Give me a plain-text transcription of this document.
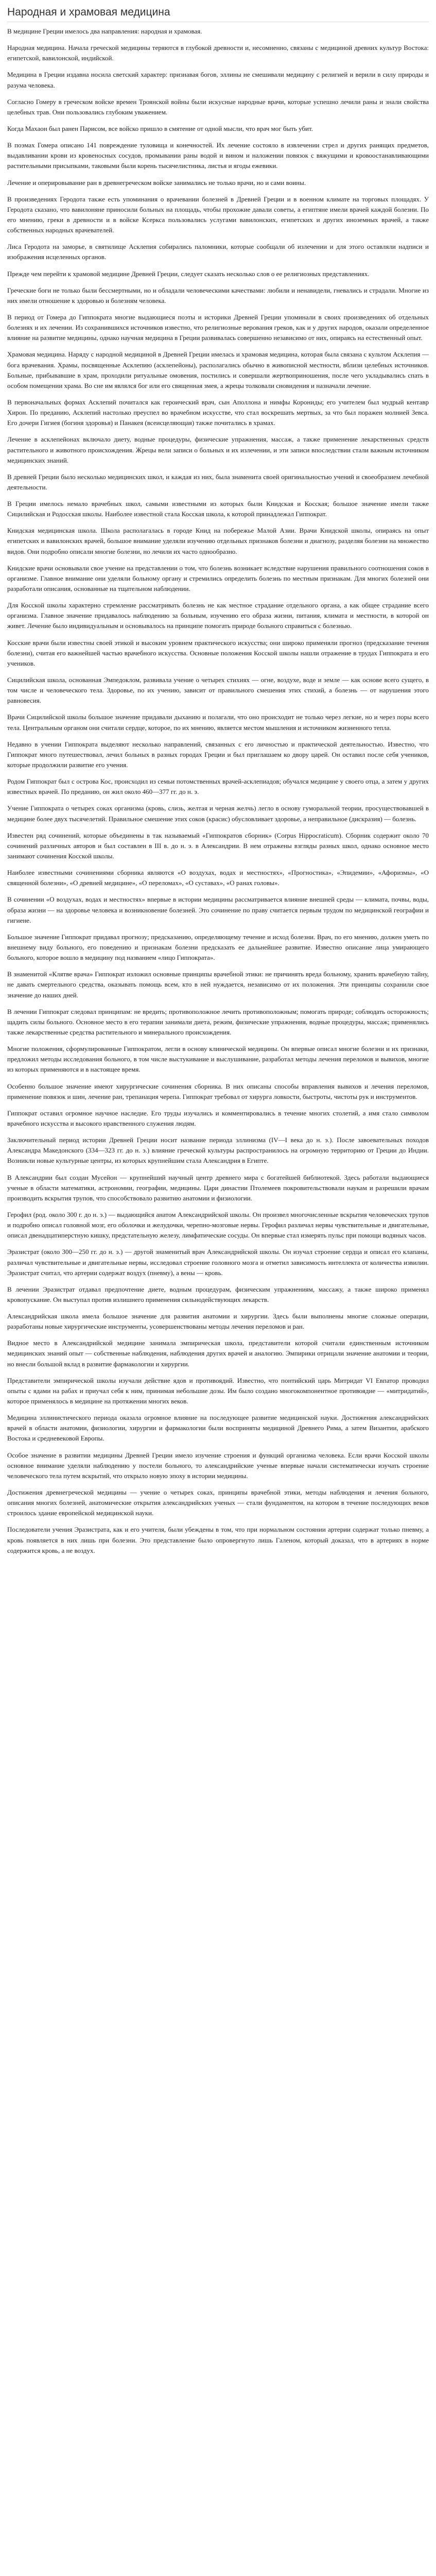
Народная и храмовая медицина

В медицине Греции имелось два направления: народная и храмовая.

Народная медицина. Начала греческой медицины теряются в глубокой древности и, несомненно, связаны с медициной древних культур Востока: египетской, вавилонской, индийской.

Медицина в Греции издавна носила светский характер: признавая богов, эллины не смешивали медицину с религией и верили в силу природы и разума человека.

Согласно Гомеру в греческом войске времен Троянской войны были искусные народные врачи, которые успешно лечили раны и знали свойства целебных трав. Они пользовались глубоким уважением.

Когда Махаон был ранен Парисом, все войско пришло в смятение от одной мысли, что врач мог быть убит.

В поэмах Гомера описано 141 повреждение туловища и конечностей. Их лечение состояло в извлечении стрел и других ранящих предметов, выдавливании крови из кровеносных сосудов, промывании раны водой и вином и наложении повязок с вяжущими и кровоостанавливающими растительными присыпками, таковыми были корень тысячелистника, листья и ягоды ежевики.

Лечение и оперировывание ран в древнегреческом войске занимались не только врачи, но и сами воины.

В произведениях Геродота также есть упоминания о врачевании болезней в Древней Греции и в военном климате на торговых площадях. У Геродота сказано, что вавилоняне приносили больных на площадь, чтобы прохожие давали советы, а египтяне имели врачей каждой болезни. По его мнению, греки в древности и в войске Ксеркса пользовались услугами вавилонских, египетских и других иноземных врачей, а также собственных народных врачевателей.

Лиса Геродота на заморье, в святилище Асклепия собирались паломники, которые сообщали об излечении и для этого оставляли надписи и изображения исцеленных органов.

Прежде чем перейти к храмовой медицине Древней Греции, следует сказать несколько слов о ее религиозных представлениях.

Греческие боги не только были бессмертными, но и обладали человеческими качествами: любили и ненавидели, гневались и страдали. Многие из них имели отношение к здоровью и болезням человека.

В период от Гомера до Гиппократа многие выдающиеся поэты и историки Древней Греции упоминали в своих произведениях об отдельных болезнях и их лечении. Из сохранившихся источников известно, что религиозные верования греков, как и у других народов, оказали определенное влияние на развитие медицины, однако научная медицина в Греции развивалась совершенно независимо от них, опираясь на естественный опыт.

Храмовая медицина. Наряду с народной медициной в Древней Греции имелась и храмовая медицина, которая была связана с культом Асклепия — бога врачевания. Храмы, посвященные Асклепию (асклепейоны), располагались обычно в живописной местности, вблизи целебных источников. Больные, прибывавшие в храм, проходили ритуальные омовения, постились и совершали жертвоприношения, после чего укладывались спать в особом помещении храма. Во сне им являлся бог или его священная змея, а жрецы толковали сновидения и назначали лечение.

В первоначальных формах Асклепий почитался как героический врач, сын Аполлона и нимфы Корониды; его учителем был мудрый кентавр Хирон. По преданию, Асклепий настолько преуспел во врачебном искусстве, что стал воскрешать мертвых, за что был поражен молнией Зевса. Его дочери Гигиея (богиня здоровья) и Панакея (всеисцеляющая) также почитались в храмах.

Лечение в асклепейонах включало диету, водные процедуры, физические упражнения, массаж, а также применение лекарственных средств растительного и животного происхождения. Жрецы вели записи о больных и их излечении, и эти записи впоследствии стали важным источником медицинских знаний.

В древней Греции было несколько медицинских школ, и каждая из них, была знаменита своей оригинальностью учений и своеобразием лечебной деятельности.

В Греции имелось немало врачебных школ, самыми известными из которых были Книдская и Косская; большое значение имели также Сицилийская и Родосская школы. Наиболее известной стала Косская школа, к которой принадлежал Гиппократ.

Книдская медицинская школа. Школа располагалась в городе Книд на побережье Малой Азии. Врачи Книдской школы, опираясь на опыт египетских и вавилонских врачей, большое внимание уделяли изучению отдельных признаков болезни и диагнозу, разделяя болезни на множество видов. Они подробно описали многие болезни, но лечили их часто однообразно.

Книдские врачи основывали свое учение на представлении о том, что болезнь возникает вследствие нарушения правильного соотношения соков в организме. Главное внимание они уделяли больному органу и стремились определить болезнь по местным признакам. Для многих болезней они разработали описания, основанные на тщательном наблюдении.

Для Косской школы характерно стремление рассматривать болезнь не как местное страдание отдельного органа, а как общее страдание всего организма. Главное значение придавалось наблюдению за больным, изучению его образа жизни, питания, климата и местности, в которой он живет. Лечение было индивидуальным и основывалось на принципе помогать природе больного справиться с болезнью.

Косские врачи были известны своей этикой и высоким уровнем практического искусства; они широко применяли прогноз (предсказание течения болезни), считая его важнейшей частью врачебного искусства. Основные положения Косской школы нашли отражение в трудах Гиппократа и его учеников.

Сицилийская школа, основанная Эмпедоклом, развивала учение о четырех стихиях — огне, воздухе, воде и земле — как основе всего сущего, в том числе и человеческого тела. Здоровье, по их учению, зависит от правильного смешения этих стихий, а болезнь — от нарушения этого равновесия.

Врачи Сицилийской школы большое значение придавали дыханию и полагали, что оно происходит не только через легкие, но и через поры всего тела. Центральным органом они считали сердце, которое, по их мнению, является местом мышления и источником жизненного тепла.

Недавно в учении Гиппократа выделяют несколько направлений, связанных с его личностью и практической деятельностью. Известно, что Гиппократ много путешествовал, лечил больных в разных городах Греции и был приглашаем ко двору царей. Он оставил после себя учеников, которые продолжили развитие его учения.

Родом Гиппократ был с острова Кос, происходил из семьи потомственных врачей-асклепиадов; обучался медицине у своего отца, а затем у других известных врачей. По преданию, он жил около 460—377 гг. до н. э.

Учение Гиппократа о четырех соках организма (кровь, слизь, желтая и черная желчь) легло в основу гуморальной теории, просуществовавшей в медицине более двух тысячелетий. Правильное смешение этих соков (красис) обусловливает здоровье, а неправильное (дискразия) — болезнь.

Известен ряд сочинений, которые объединены в так называемый «Гиппократов сборник» (Corpus Hippocraticum). Сборник содержит около 70 сочинений различных авторов и был составлен в III в. до н. э. в Александрии. В нем отражены взгляды разных школ, однако основное место занимают сочинения Косской школы.

Наиболее известными сочинениями сборника являются «О воздухах, водах и местностях», «Прогностика», «Эпидемии», «Афоризмы», «О священной болезни», «О древней медицине», «О переломах», «О суставах», «О ранах головы».

В сочинении «О воздухах, водах и местностях» впервые в истории медицины рассматривается влияние внешней среды — климата, почвы, воды, образа жизни — на здоровье человека и возникновение болезней. Это сочинение по праву считается первым трудом по медицинской географии и гигиене.

Большое значение Гиппократ придавал прогнозу; предсказанию, определяющему течение и исход болезни. Врач, по его мнению, должен уметь по внешнему виду больного, его поведению и признакам болезни предсказать ее дальнейшее развитие. Известно описание лица умирающего больного, которое вошло в медицину под названием «лицо Гиппократа».

В знаменитой «Клятве врача» Гиппократ изложил основные принципы врачебной этики: не причинять вреда больному, хранить врачебную тайну, не давать смертельного средства, оказывать помощь всем, кто в ней нуждается, независимо от их положения. Эти принципы сохранили свое значение до наших дней.

В лечении Гиппократ следовал принципам: не вредить; противоположное лечить противоположным; помогать природе; соблюдать осторожность; щадить силы больного. Основное место в его терапии занимали диета, режим, физические упражнения, водные процедуры, массаж; применялись также лекарственные средства растительного и минерального происхождения.

Многие положения, сформулированные Гиппократом, легли в основу клинической медицины. Он впервые описал многие болезни и их признаки, предложил методы исследования больного, в том числе выстукивание и выслушивание, разработал методы лечения переломов и вывихов, многие из которых применяются и в настоящее время.

Особенно большое значение имеют хирургические сочинения сборника. В них описаны способы вправления вывихов и лечения переломов, применение повязок и шин, лечение ран, трепанация черепа. Гиппократ требовал от хирурга ловкости, быстроты, чистоты рук и инструментов.

Гиппократ оставил огромное научное наследие. Его труды изучались и комментировались в течение многих столетий, а имя стало символом врачебного искусства и высокого нравственного служения людям.

Заключительный период истории Древней Греции носит название периода эллинизма (IV—I века до н. э.). После завоевательных походов Александра Македонского (334—323 гг. до н. э.) влияние греческой культуры распространилось на огромную территорию от Греции до Индии. Возникли новые культурные центры, из которых крупнейшим стала Александрия в Египте.

В Александрии был создан Мусейон — крупнейший научный центр древнего мира с богатейшей библиотекой. Здесь работали выдающиеся ученые в области математики, астрономии, географии, медицины. Цари династии Птолемеев покровительствовали наукам и разрешили врачам производить вскрытия трупов, что способствовало развитию анатомии и физиологии.

Герофил (род. около 300 г. до н. э.) — выдающийся анатом Александрийской школы. Он произвел многочисленные вскрытия человеческих трупов и подробно описал головной мозг, его оболочки и желудочки, черепно-мозговые нервы. Герофил различал нервы чувствительные и двигательные, описал двенадцатиперстную кишку, предстательную железу, лимфатические сосуды. Он впервые стал измерять пульс при помощи водяных часов.

Эразистрат (около 300—250 гг. до н. э.) — другой знаменитый врач Александрийской школы. Он изучал строение сердца и описал его клапаны, различал чувствительные и двигательные нервы, исследовал строение головного мозга и отметил зависимость интеллекта от количества извилин. Эразистрат считал, что артерии содержат воздух (пневму), а вены — кровь.

В лечении Эразистрат отдавал предпочтение диете, водным процедурам, физическим упражнениям, массажу, а также широко применял кровопускание. Он выступал против излишнего применения сильнодействующих лекарств.

Александрийская школа имела большое значение для развития анатомии и хирургии. Здесь были выполнены многие сложные операции, разработаны новые хирургические инструменты, усовершенствованы методы лечения переломов и ран.

Видное место в Александрийской медицине занимала эмпирическая школа, представители которой считали единственным источником медицинских знаний опыт — собственные наблюдения, наблюдения других врачей и аналогию. Эмпирики отрицали значение анатомии и теории, но внесли большой вклад в развитие фармакологии и хирургии.

Представители эмпирической школы изучали действие ядов и противоядий. Известно, что понтийский царь Митридат VI Евпатор проводил опыты с ядами на рабах и приучал себя к ним, принимая небольшие дозы. Им было создано многокомпонентное противоядие — «митридатий», которое применялось в медицине на протяжении многих веков.

Медицина эллинистического периода оказала огромное влияние на последующее развитие медицинской науки. Достижения александрийских врачей в области анатомии, физиологии, хирургии и фармакологии были восприняты медициной Древнего Рима, а затем Византии, арабского Востока и средневековой Европы.

Особое значение в развитии медицины Древней Греции имело изучение строения и функций организма человека. Если врачи Косской школы основное внимание уделяли наблюдению у постели больного, то александрийские ученые впервые начали систематически изучать строение человеческого тела путем вскрытий, что открыло новую эпоху в истории медицины.

Достижения древнегреческой медицины — учение о четырех соках, принципы врачебной этики, методы наблюдения и лечения больного, описания многих болезней, анатомические открытия александрийских ученых — стали фундаментом, на котором в течение последующих веков строилось здание европейской медицинской науки.

Последователи учения Эразистрата, как и его учителя, были убеждены в том, что при нормальном состоянии артерии содержат только пневму, а кровь появляется в них лишь при болезни. Это представление было опровергнуто лишь Галеном, который доказал, что в артериях в норме содержится кровь, а не воздух.
